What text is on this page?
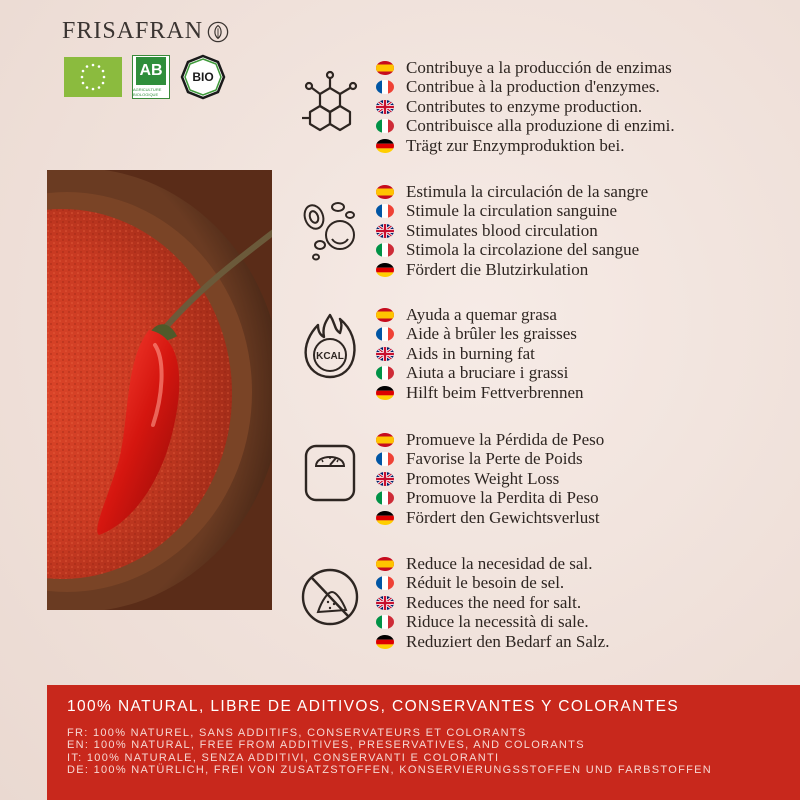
FRISAFRAN
AB
AGRICULTURE BIOLOGIQUE
BIO
Contribuye a la producción de enzimas
Contribue à la production d'enzymes.
Contributes to enzyme production.
Contribuisce alla produzione di enzimi.
Trägt zur Enzymproduktion bei.
Estimula la circulación de la sangre
Stimule la circulation sanguine
Stimulates blood circulation
Stimola la circolazione del sangue
Fördert die Blutzirkulation
KCAL
Ayuda a quemar grasa
Aide à brûler les graisses
Aids in burning fat
Aiuta a bruciare i grassi
Hilft beim Fettverbrennen
Promueve la Pérdida de Peso
Favorise la Perte de Poids
Promotes Weight Loss
Promuove la Perdita di Peso
Fördert den Gewichtsverlust
Reduce la necesidad de sal.
Réduit le besoin de sel.
Reduces the need for salt.
Riduce la necessità di sale.
Reduziert den Bedarf an Salz.
100% NATURAL, LIBRE DE ADITIVOS, CONSERVANTES Y COLORANTES
FR: 100% NATUREL, SANS ADDITIFS, CONSERVATEURS ET COLORANTS
EN: 100% NATURAL, FREE FROM ADDITIVES, PRESERVATIVES, AND COLORANTS
IT: 100% NATURALE, SENZA ADDITIVI, CONSERVANTI E COLORANTI
DE: 100% NATÜRLICH, FREI VON ZUSATZSTOFFEN, KONSERVIERUNGSSTOFFEN UND FARBSTOFFEN
